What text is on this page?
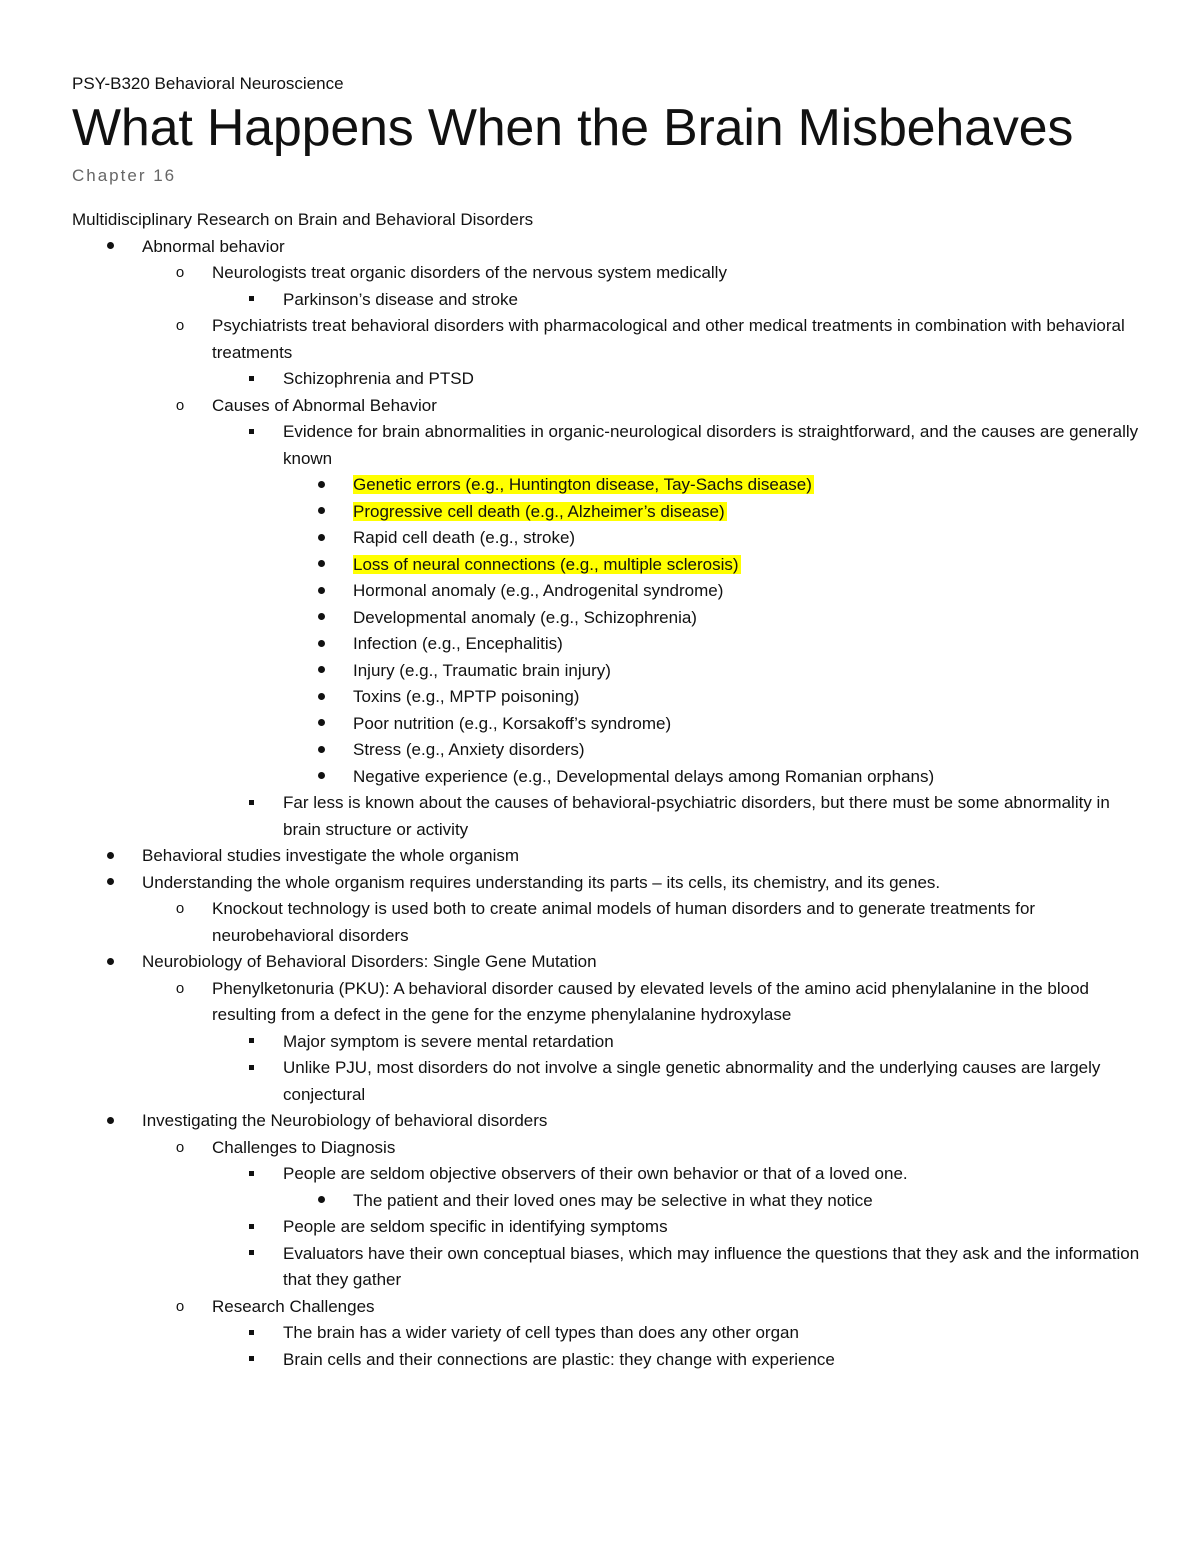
PSY-B320 Behavioral Neuroscience

What Happens When the Brain Misbehaves

Chapter 16

Multidisciplinary Research on Brain and Behavioral Disorders

Abnormal behavior
o	Neurologists treat organic disorders of the nervous system medically
Parkinson’s disease and stroke
o	Psychiatrists treat behavioral disorders with pharmacological and other medical treatments in combination with behavioral treatments
Schizophrenia and PTSD
o	Causes of Abnormal Behavior
Evidence for brain abnormalities in organic-neurological disorders is straightforward, and the causes are generally known
Genetic errors (e.g., Huntington disease, Tay-Sachs disease)
Progressive cell death (e.g., Alzheimer’s disease)
Rapid cell death (e.g., stroke)
Loss of neural connections (e.g., multiple sclerosis)
Hormonal anomaly (e.g., Androgenital syndrome)
Developmental anomaly (e.g., Schizophrenia)
Infection (e.g., Encephalitis)
Injury (e.g., Traumatic brain injury)
Toxins (e.g., MPTP poisoning)
Poor nutrition (e.g., Korsakoff’s syndrome)
Stress (e.g., Anxiety disorders)
Negative experience (e.g., Developmental delays among Romanian orphans)
Far less is known about the causes of behavioral-psychiatric disorders, but there must be some abnormality in brain structure or activity
Behavioral studies investigate the whole organism
Understanding the whole organism requires understanding its parts – its cells, its chemistry, and its genes.
o	Knockout technology is used both to create animal models of human disorders and to generate treatments for neurobehavioral disorders
Neurobiology of Behavioral Disorders: Single Gene Mutation
o	Phenylketonuria (PKU): A behavioral disorder caused by elevated levels of the amino acid phenylalanine in the blood resulting from a defect in the gene for the enzyme phenylalanine hydroxylase
Major symptom is severe mental retardation
Unlike PJU, most disorders do not involve a single genetic abnormality and the underlying causes are largely conjectural
Investigating the Neurobiology of behavioral disorders
o	Challenges to Diagnosis
People are seldom objective observers of their own behavior or that of a loved one.
The patient and their loved ones may be selective in what they notice
People are seldom specific in identifying symptoms
Evaluators have their own conceptual biases, which may influence the questions that they ask and the information that they gather
o	Research Challenges
The brain has a wider variety of cell types than does any other organ
Brain cells and their connections are plastic: they change with experience
